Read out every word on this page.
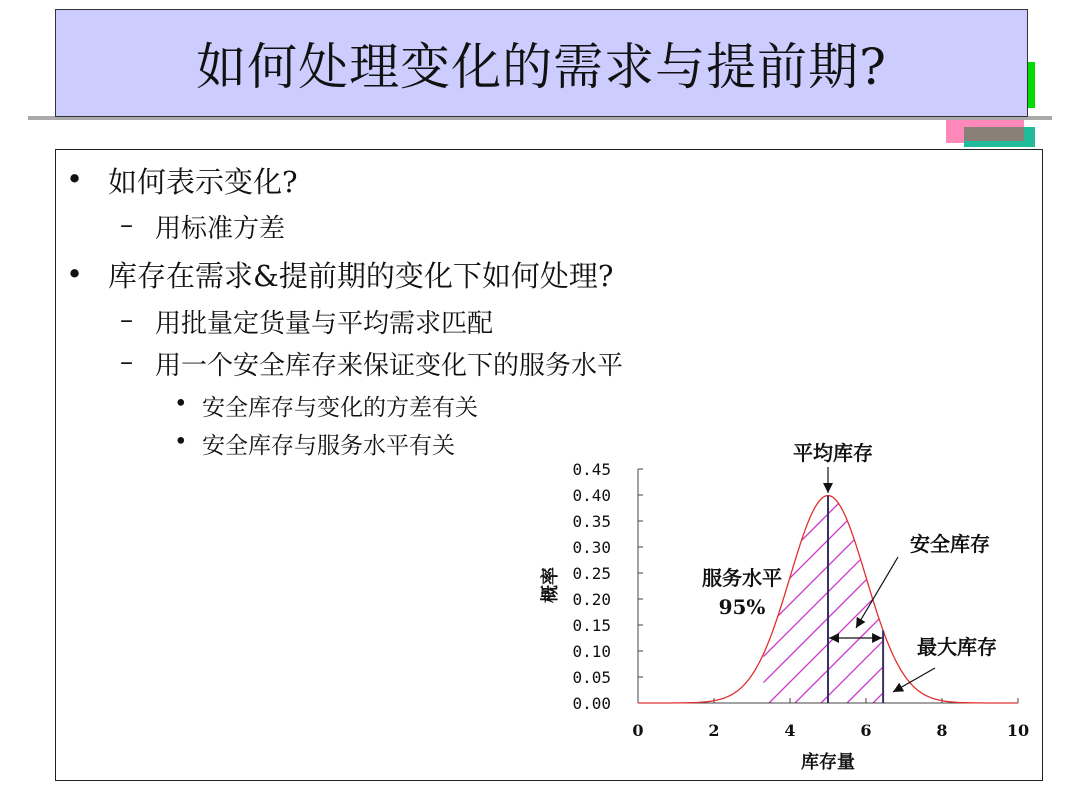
如何处理变化的需求与提前期?
• 如何表示变化?
– 用标准方差
• 库存在需求&提前期的变化下如何处理?
– 用批量定货量与平均需求匹配
– 用一个安全库存来保证变化下的服务水平
• 安全库存与变化的方差有关
• 安全库存与服务水平有关
0.00
0.05
0.10
0.15
0.20
0.25
0.30
0.35
0.40
0.45
0	2	4	6	8	10
库存量
概率
平均库存
安全库存
最大库存
服务水平
95%
